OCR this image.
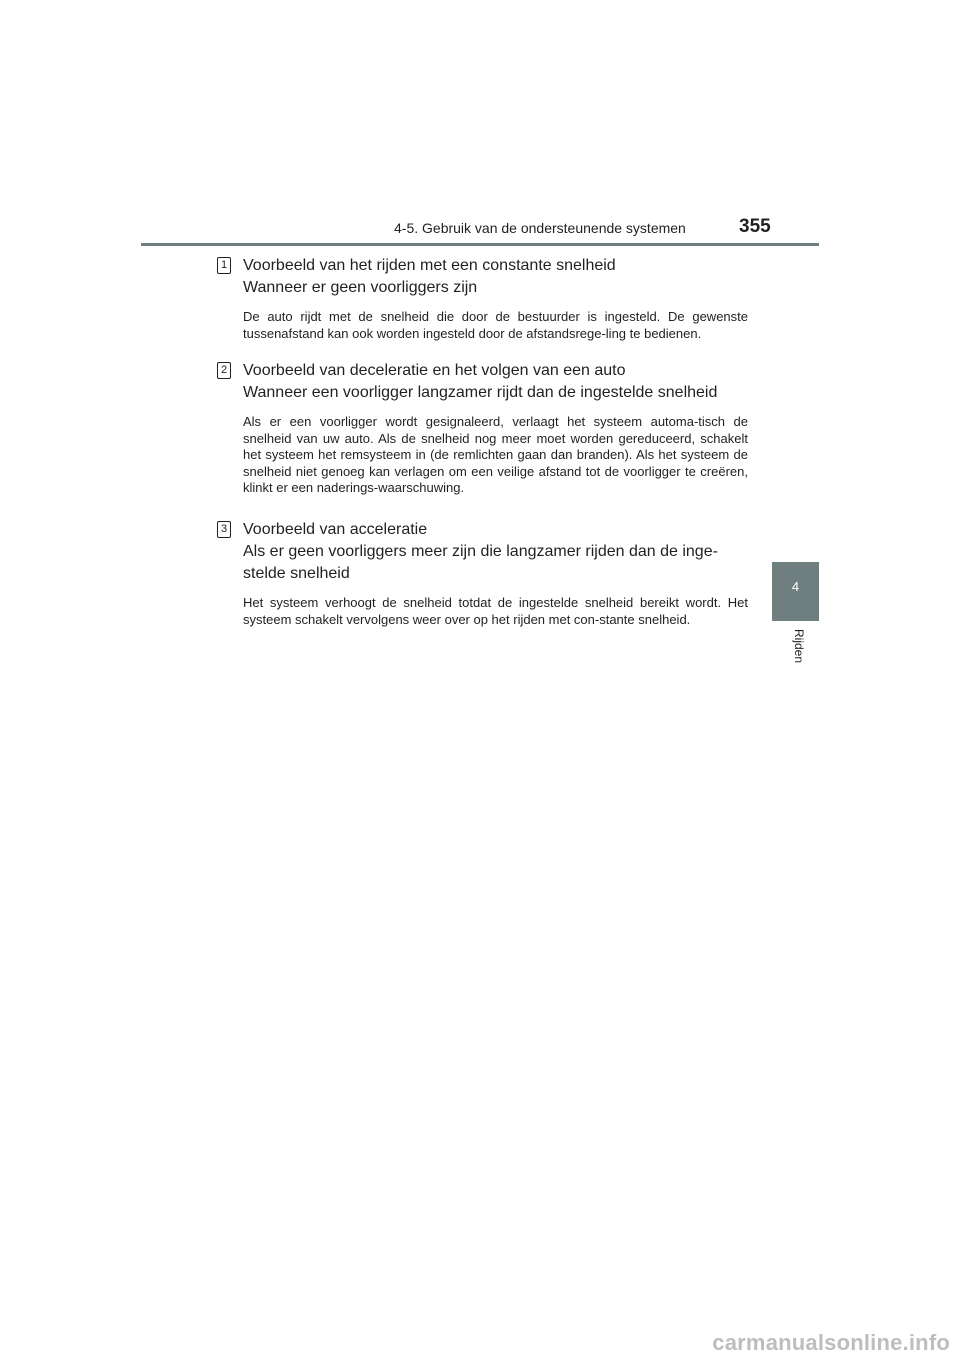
4-5. Gebruik van de ondersteunende systemen	355
4
Rijden
1 Voorbeeld van het rijden met een constante snelheid
Wanneer er geen voorliggers zijn

De auto rijdt met de snelheid die door de bestuurder is ingesteld. De gewenste tussenafstand kan ook worden ingesteld door de afstandsrege-ling te bedienen.

2 Voorbeeld van deceleratie en het volgen van een auto
Wanneer een voorligger langzamer rijdt dan de ingestelde snelheid

Als er een voorligger wordt gesignaleerd, verlaagt het systeem automa-tisch de snelheid van uw auto. Als de snelheid nog meer moet worden gereduceerd, schakelt het systeem het remsysteem in (de remlichten gaan dan branden). Als het systeem de snelheid niet genoeg kan verlagen om een veilige afstand tot de voorligger te creëren, klinkt er een naderings-waarschuwing.

3 Voorbeeld van acceleratie
Als er geen voorliggers meer zijn die langzamer rijden dan de inge-stelde snelheid

Het systeem verhoogt de snelheid totdat de ingestelde snelheid bereikt wordt. Het systeem schakelt vervolgens weer over op het rijden met con-stante snelheid.

carmanualsonline.info
